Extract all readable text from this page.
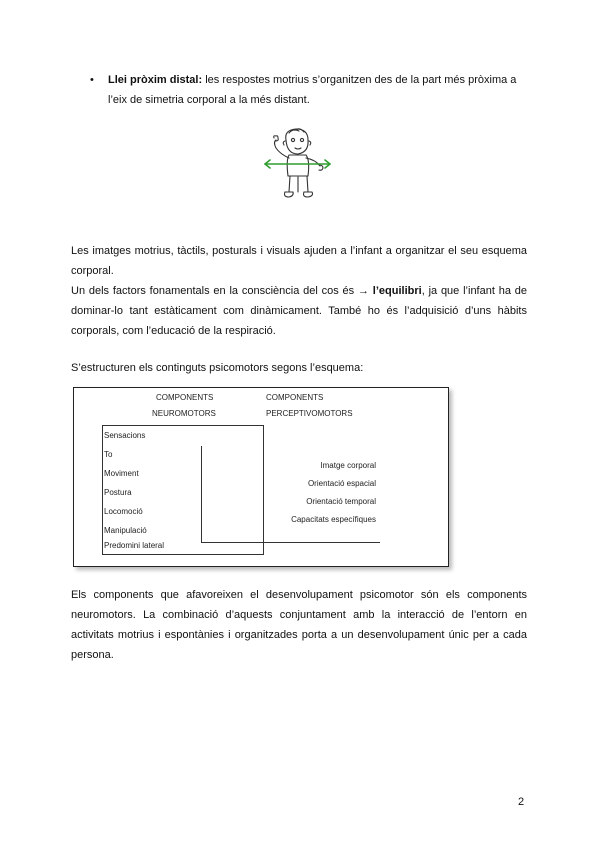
• Llei pròxim distal: les respostes motrius s’organitzen des de la part més pròxima a l’eix de simetria corporal a la més distant.

Les imatges motrius, tàctils, posturals i visuals ajuden a l’infant a organitzar el seu esquema corporal.

Un dels factors fonamentals en la consciència del cos és → l’equilibri, ja que l’infant ha de dominar-lo tant estàticament com dinàmicament. També ho és l’adquisició d’uns hàbits corporals, com l’educació de la respiració.

S’estructuren els continguts psicomotors segons l’esquema:

COMPONENTS
NEUROMOTORS
COMPONENTS
PERCEPTIVOMOTORS
Sensacions
To
Moviment
Postura
Locomoció
Manipulació
Predomini lateral
Imatge corporal
Orientació espacial
Orientació temporal
Capacitats específiques

Els components que afavoreixen el desenvolupament psicomotor són els components neuromotors. La combinació d’aquests conjuntament amb la interacció de l’entorn en activitats motrius i espontànies i organitzades porta a un desenvolupament únic per a cada persona.

2
